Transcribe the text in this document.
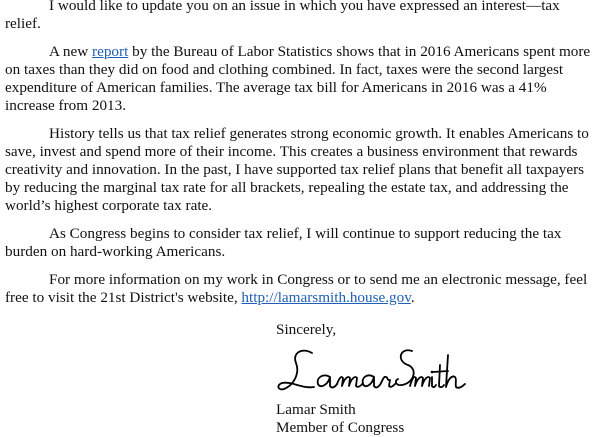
I would like to update you on an issue in which you have expressed an interest—tax relief.

A new report by the Bureau of Labor Statistics shows that in 2016 Americans spent more on taxes than they did on food and clothing combined. In fact, taxes were the second largest expenditure of American families. The average tax bill for Americans in 2016 was a 41% increase from 2013.

History tells us that tax relief generates strong economic growth. It enables Americans to save, invest and spend more of their income. This creates a business environment that rewards creativity and innovation. In the past, I have supported tax relief plans that benefit all taxpayers by reducing the marginal tax rate for all brackets, repealing the estate tax, and addressing the world’s highest corporate tax rate.

As Congress begins to consider tax relief, I will continue to support reducing the tax burden on hard-working Americans.

For more information on my work in Congress or to send me an electronic message, feel free to visit the 21st District's website, http://lamarsmith.house.gov.

Sincerely,
Lamar Smith
Member of Congress
